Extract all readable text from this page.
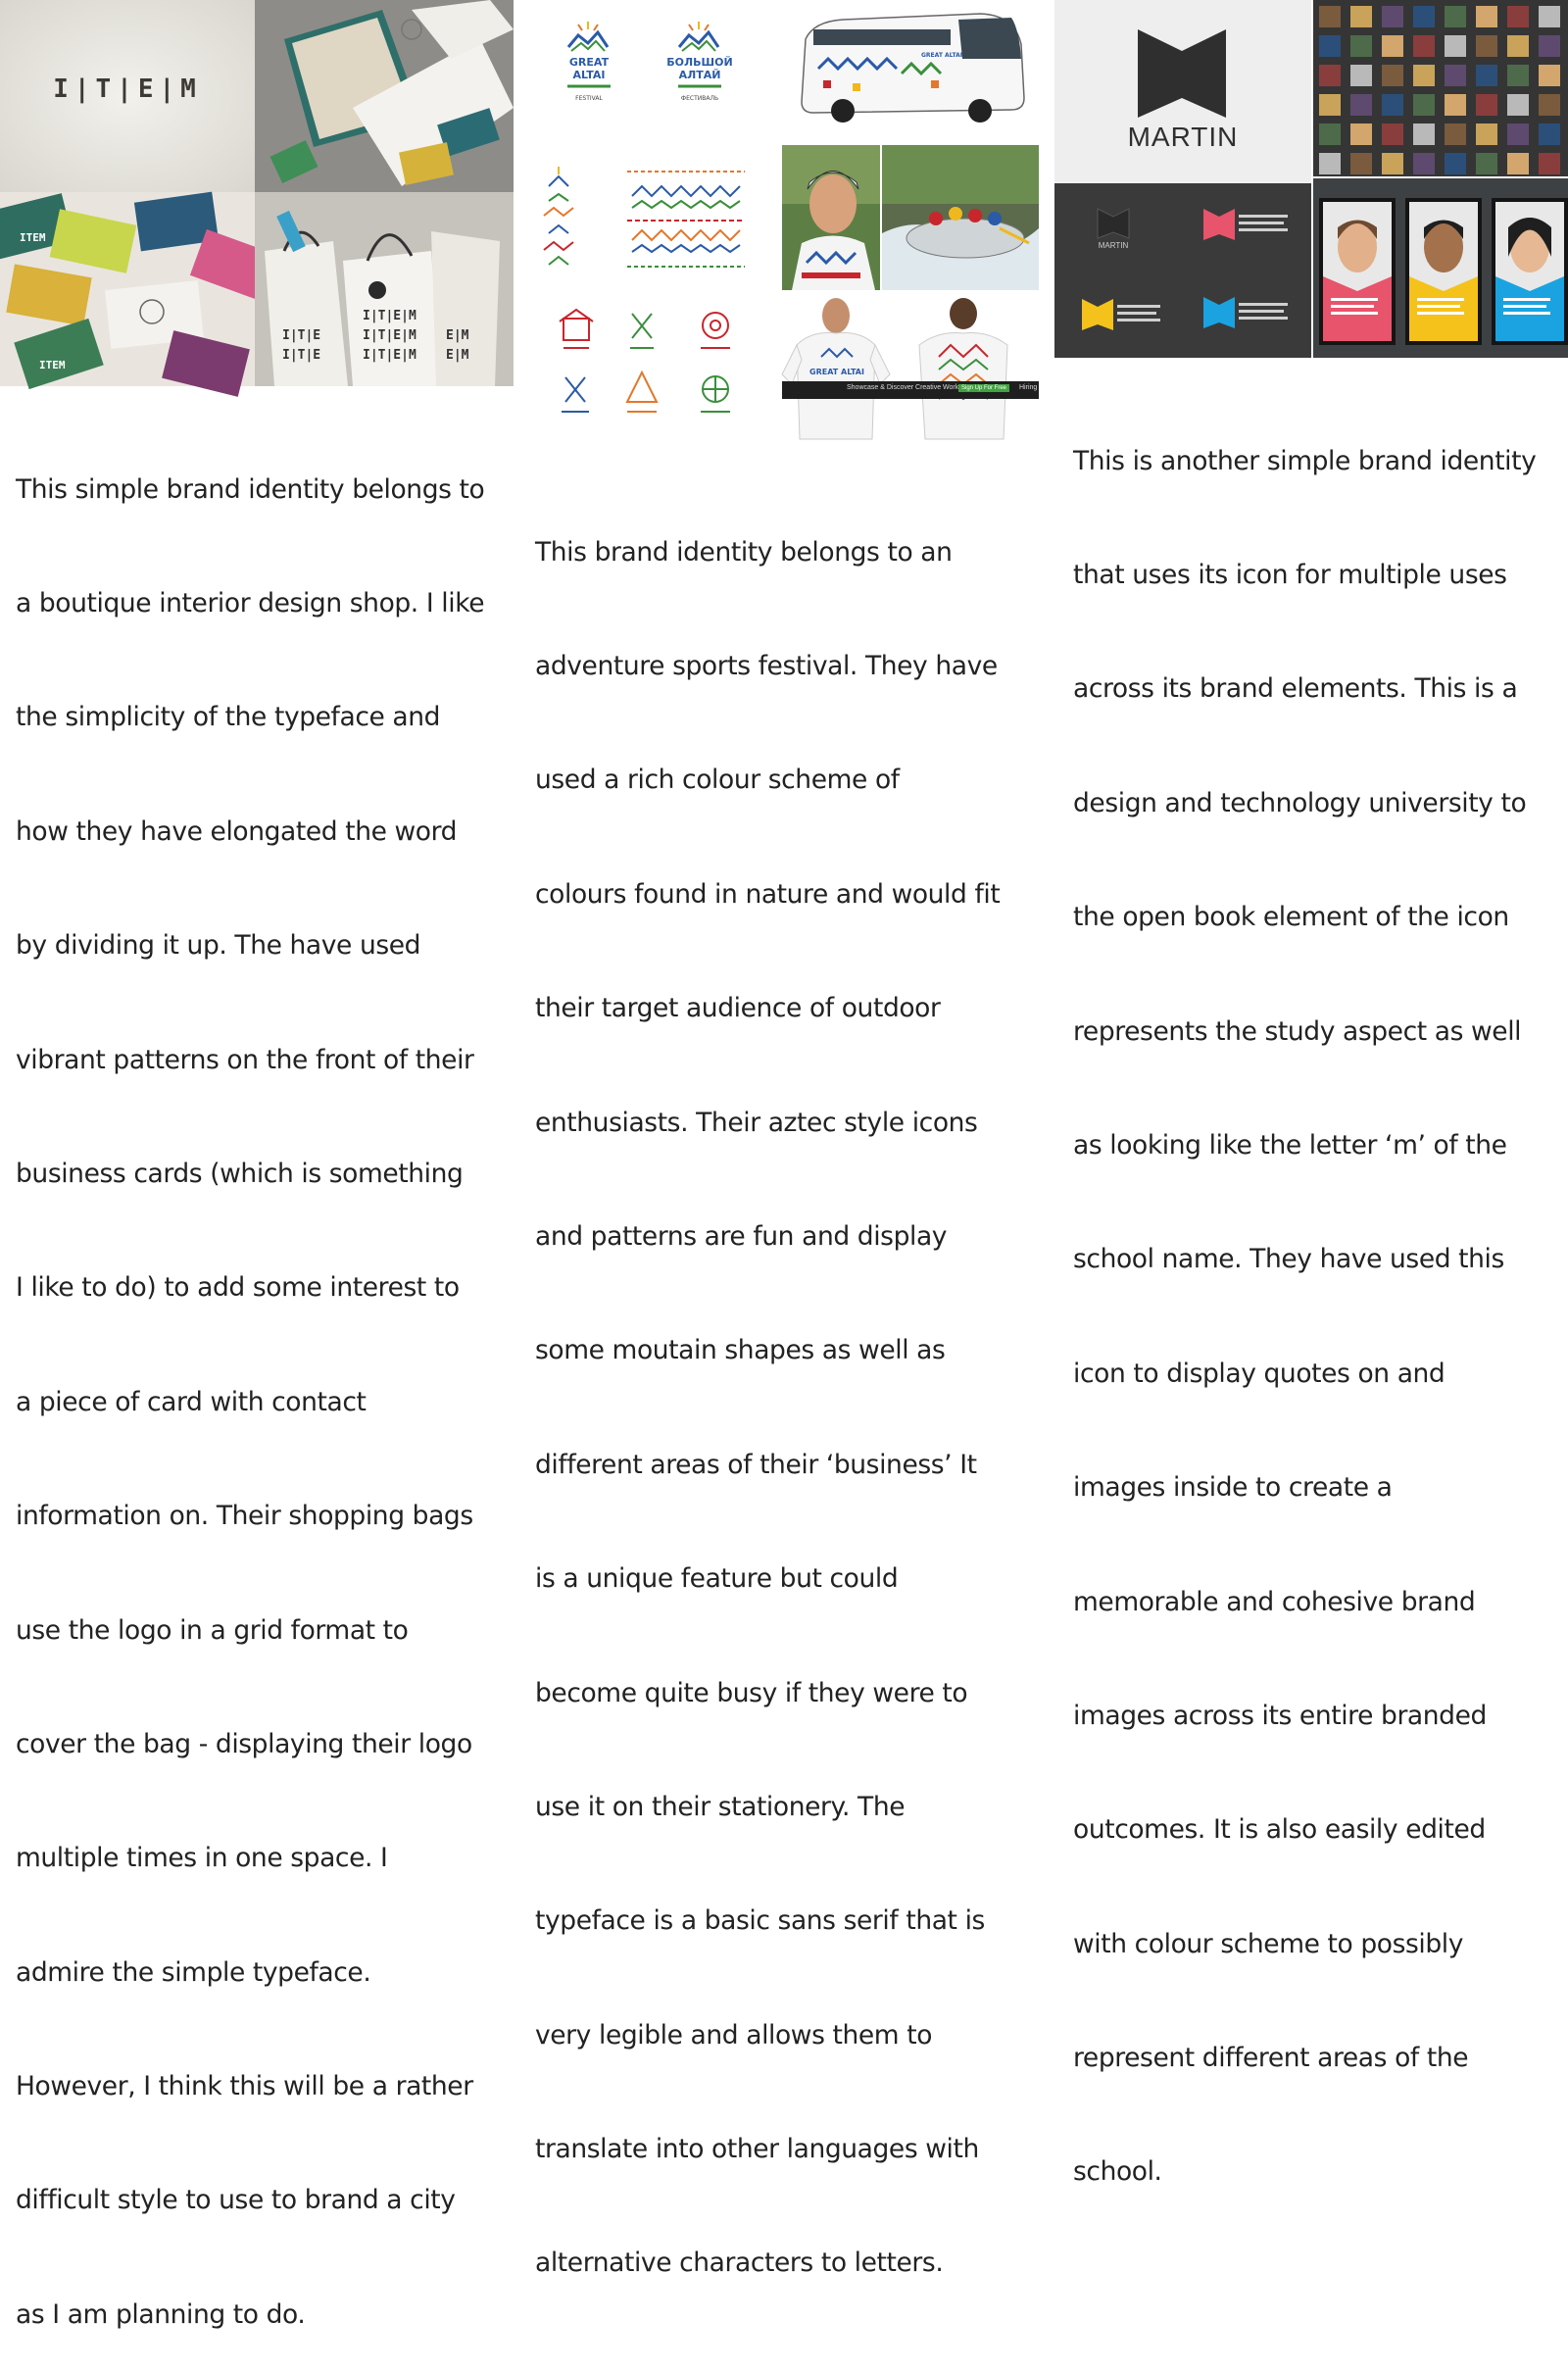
I|T|E|M
ITEM
ITEM
I|T|E|M
I|T|E|M
I|T|E|M
I|T|E
I|T|E
E|M
E|M

This simple brand identity belongs to

a boutique interior design shop. I like

the simplicity of the typeface and

how they have elongated the word

by dividing it up. The have used

vibrant patterns on the front of their

business cards (which is something

I like to do) to add some interest to

a piece of card with contact

information on. Their shopping bags

use the logo in a grid format to

cover the bag - displaying their logo

multiple times in one space. I

admire the simple typeface.

However, I think this will be a rather

difficult style to use to brand a city

as I am planning to do.

GREAT
ALTAI
FESTIVAL
БОЛЬШОЙ
АЛТАЙ
ФЕСТИВАЛЬ
GREAT ALTAI
GREAT ALTAI
Showcase & Discover Creative Work Sign Up For Free	Hiring

This brand identity belongs to an

adventure sports festival. They have

used a rich colour scheme of

colours found in nature and would fit

their target audience of outdoor

enthusiasts. Their aztec style icons

and patterns are fun and display

some moutain shapes as well as

different areas of their ‘business’ It

is a unique feature but could

become quite busy if they were to

use it on their stationery. The

typeface is a basic sans serif that is

very legible and allows them to

translate into other languages with

alternative characters to letters.

MARTIN
MARTIN

This is another simple brand identity

that uses its icon for multiple uses

across its brand elements. This is a

design and technology university to

the open book element of the icon

represents the study aspect as well

as looking like the letter ‘m’ of the

school name. They have used this

icon to display quotes on and

images inside to create a

memorable and cohesive brand

images across its entire branded

outcomes. It is also easily edited

with colour scheme to possibly

represent different areas of the

school.
